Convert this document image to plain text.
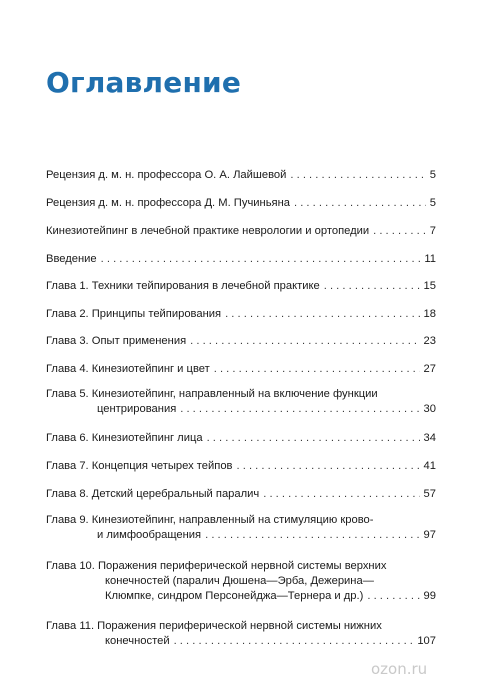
Оглавление
Рецензия д. м. н. профессора О. А. Лайшевой . . .	5
Рецензия д. м. н. профессора Д. М. Пучиньяна . . .	5
Кинезиотейпинг в лечебной практике неврологии и ортопедии . . .	7
Введение . . .	11
Глава 1. Техники тейпирования в лечебной практике . . .	15
Глава 2. Принципы тейпирования . . .	18
Глава 3. Опыт применения . . .	23
Глава 4. Кинезиотейпинг и цвет . . .	27
Глава 5. Кинезиотейпинг, направленный на включение функции
центрирования . . .	30
Глава 6. Кинезиотейпинг лица . . .	34
Глава 7. Концепция четырех тейпов . . .	41
Глава 8. Детский церебральный паралич . . .	57
Глава 9. Кинезиотейпинг, направленный на стимуляцию крово-
и лимфообращения . . .	97
Глава 10. Поражения периферической нервной системы верхних
конечностей (паралич Дюшена—Эрба, Дежерина—
Клюмпке, синдром Персонейджа—Тернера и др.) . . .	99
Глава 11. Поражения периферической нервной системы нижних
конечностей . . .	107
ozon.ru
